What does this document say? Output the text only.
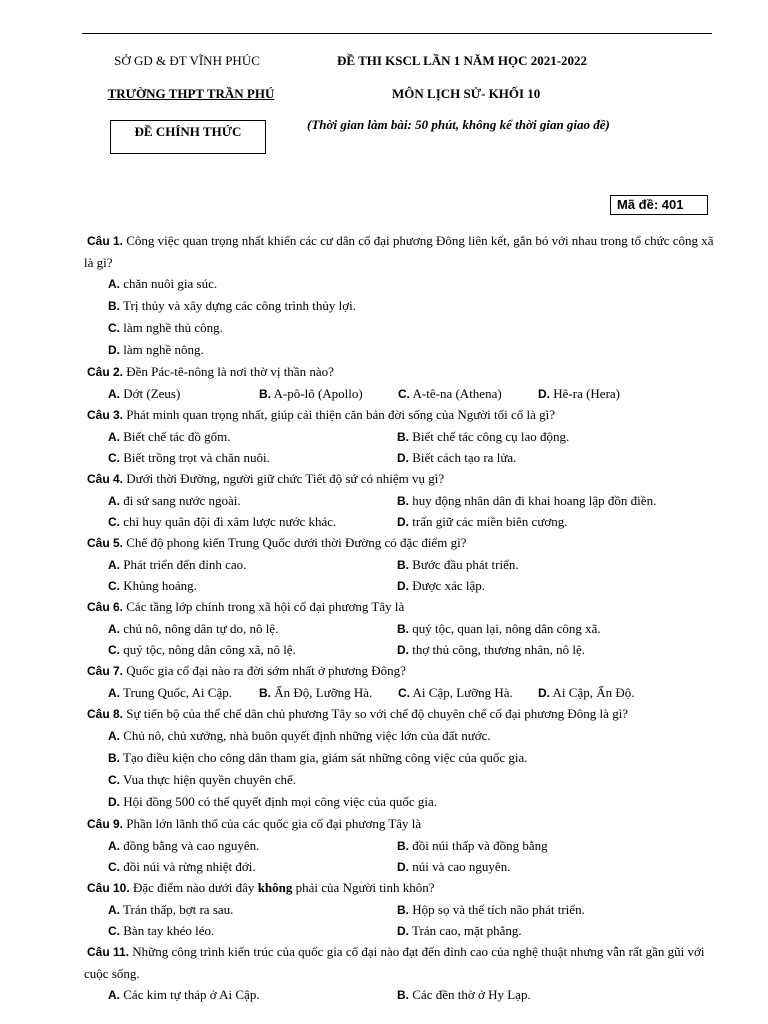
SỞ GD & ĐT VĨNH PHÚC
TRƯỜNG THPT TRẦN PHÚ
ĐỀ CHÍNH THỨC
ĐỀ THI KSCL LẦN 1 NĂM HỌC 2021-2022
MÔN LỊCH SỬ- KHỐI 10
(Thời gian làm bài: 50 phút, không kể thời gian giao đề)
Mã đề: 401
Câu 1. Công việc quan trọng nhất khiến các cư dân cổ đại phương Đông liên kết, gắn bó với nhau trong tổ chức công xã là gì?
A. chăn nuôi gia súc.
B. Trị thủy và xây dựng các công trình thủy lợi.
C. làm nghề thủ công.
D. làm nghề nông.
Câu 2. Đền Pác-tê-nông là nơi thờ vị thần nào?
A. Dớt (Zeus)	B. A-pô-lô (Apollo)	C. A-tê-na (Athena)	D. Hê-ra (Hera)
Câu 3. Phát minh quan trọng nhất, giúp cải thiện căn bản đời sống của Người tối cổ là gì?
A. Biết chế tác đồ gốm.	B. Biết chế tác công cụ lao động.
C. Biết trồng trọt và chăn nuôi.	D. Biết cách tạo ra lửa.
Câu 4. Dưới thời Đường, người giữ chức Tiết độ sứ có nhiệm vụ gì?
A. đi sứ sang nước ngoài.	B. huy động nhân dân đi khai hoang lập đồn điền.
C. chỉ huy quân đội đi xâm lược nước khác.	D. trấn giữ các miền biên cương.
Câu 5. Chế độ phong kiến Trung Quốc dưới thời Đường có đặc điểm gì?
A. Phát triển đến đỉnh cao.	B. Bước đầu phát triển.
C. Khủng hoảng.	D. Được xác lập.
Câu 6. Các tầng lớp chính trong xã hội cổ đại phương Tây là
A. chủ nô, nông dân tự do, nô lệ.	B. quý tộc, quan lại, nông dân công xã.
C. quý tộc, nông dân công xã, nô lệ.	D. thợ thủ công, thương nhân, nô lệ.
Câu 7. Quốc gia cổ đại nào ra đời sớm nhất ở phương Đông?
A. Trung Quốc, Ai Cập. B. Ấn Độ, Lưỡng Hà. C. Ai Cập, Lưỡng Hà. D. Ai Cập, Ấn Độ.
Câu 8. Sự tiến bộ của thể chế dân chủ phương Tây so với chế độ chuyên chế cổ đại phương Đông là gì?
A. Chủ nô, chủ xưởng, nhà buôn quyết định những việc lớn của đất nước.
B. Tạo điều kiện cho công dân tham gia, giám sát những công việc của quốc gia.
C. Vua thực hiện quyền chuyên chế.
D. Hội đồng 500 có thể quyết định mọi công việc của quốc gia.
Câu 9. Phần lớn lãnh thổ của các quốc gia cổ đại phương Tây là
A. đồng bằng và cao nguyên.	B. đồi núi thấp và đồng bằng
C. đồi núi và rừng nhiệt đới.	D. núi và cao nguyên.
Câu 10. Đặc điểm nào dưới đây không phải của Người tinh khôn?
A. Trán thấp, bợt ra sau.	B. Hộp sọ và thể tích não phát triển.
C. Bàn tay khéo léo.	D. Trán cao, mặt phẳng.
Câu 11. Những công trình kiến trúc của quốc gia cổ đại nào đạt đến đỉnh cao của nghệ thuật nhưng vẫn rất gần gũi với cuộc sống.
A. Các kim tự tháp ở Ai Cập.	B. Các đền thờ ở Hy Lạp.
